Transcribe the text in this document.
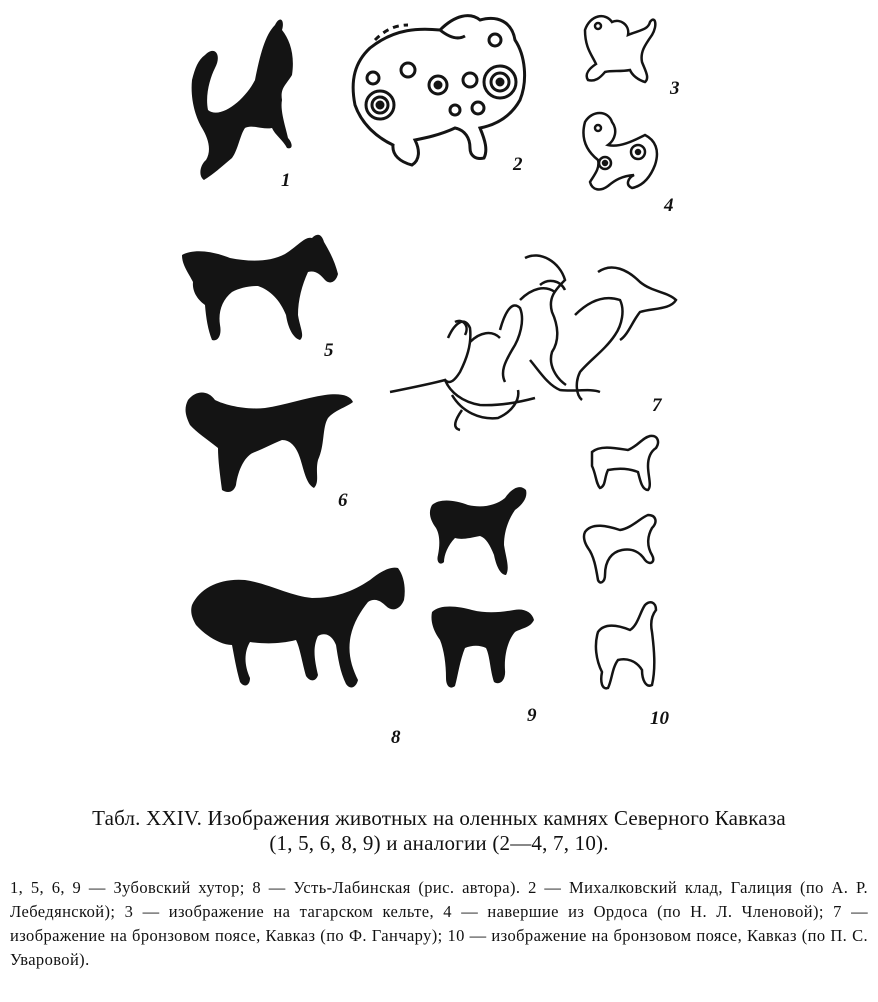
1
2
3
4
5
6
7
8
9	10
Табл. XXIV. Изображения животных на оленных камнях Северного Кавказа
(1, 5, 6, 8, 9) и аналогии (2—4, 7, 10).
1, 5, 6, 9 — Зубовский хутор; 8 — Усть-Лабинская (рис. автора). 2 — Михалковский клад, Галиция (по А. Р. Лебедянской); 3 — изображение на тагарском кельте, 4 — навершие из Ордоса (по Н. Л. Членовой); 7 — изображение на бронзовом поясе, Кавказ (по Ф. Ганчару); 10 — изображение на бронзовом поясе, Кавказ (по П. С. Уваровой).
